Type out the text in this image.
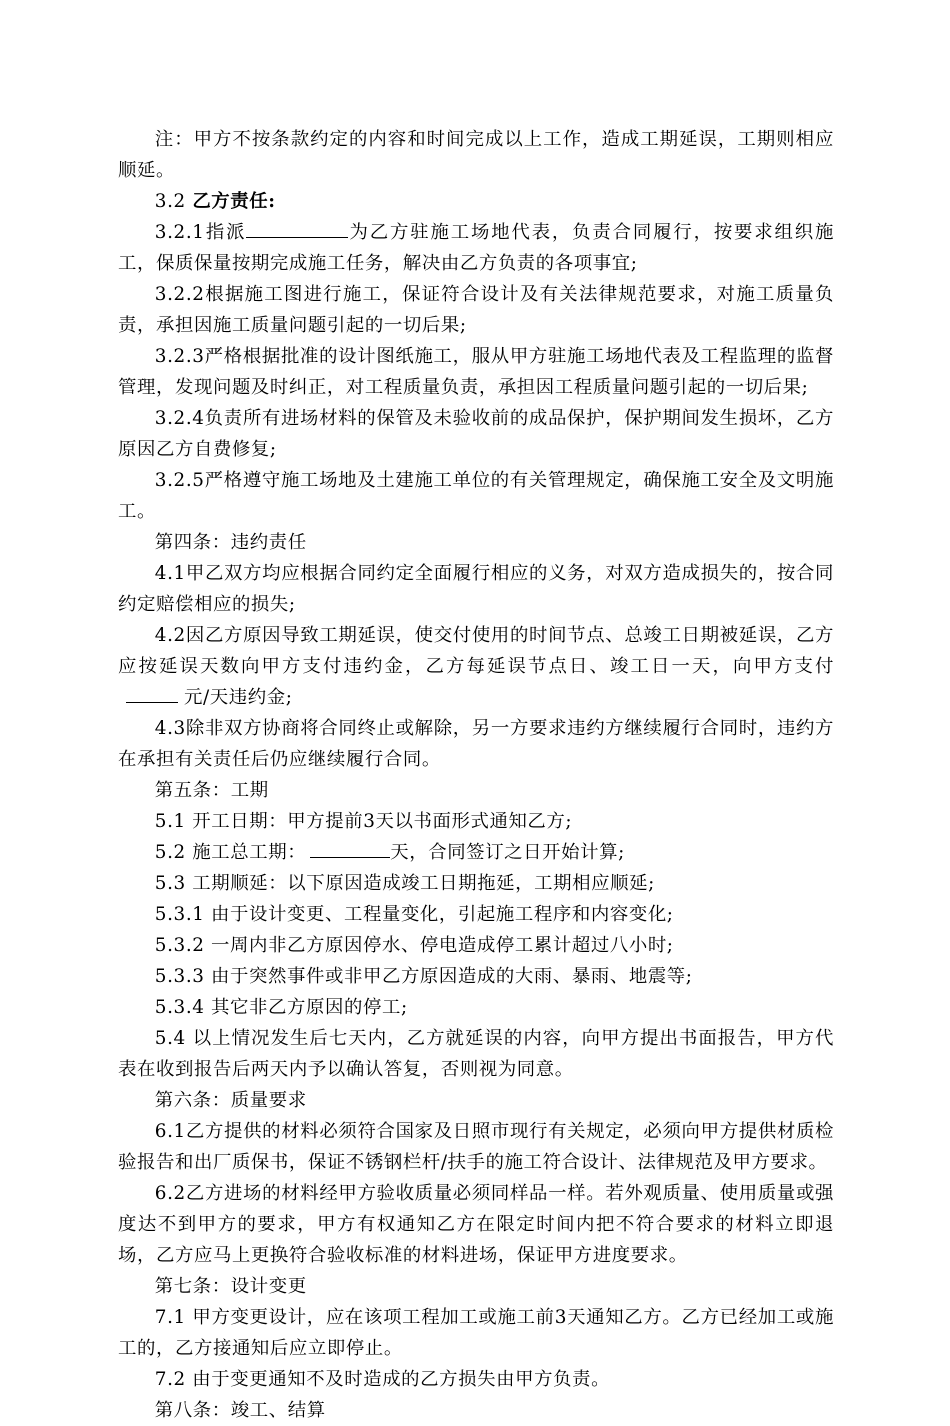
注：甲方不按条款约定的内容和时间完成以上工作，造成工期延误，工期则相应顺延。

3.2 乙方责任:

3.2.1指派	为乙方驻施工场地代表，负责合同履行，按要求组织施工，保质保量按期完成施工任务，解决由乙方负责的各项事宜;

3.2.2根据施工图进行施工，保证符合设计及有关法律规范要求，对施工质量负责，承担因施工质量问题引起的一切后果;

3.2.3严格根据批准的设计图纸施工，服从甲方驻施工场地代表及工程监理的监督管理，发现问题及时纠正，对工程质量负责，承担因工程质量问题引起的一切后果;

3.2.4负责所有进场材料的保管及未验收前的成品保护，保护期间发生损坏，乙方原因乙方自费修复;

3.2.5严格遵守施工场地及土建施工单位的有关管理规定，确保施工安全及文明施工。

第四条：违约责任

4.1甲乙双方均应根据合同约定全面履行相应的义务，对双方造成损失的，按合同约定赔偿相应的损失;

4.2因乙方原因导致工期延误，使交付使用的时间节点、总竣工日期被延误，乙方应按延误天数向甲方支付违约金，乙方每延误节点日、竣工日一天，向甲方支付元/天违约金;

4.3除非双方协商将合同终止或解除，另一方要求违约方继续履行合同时，违约方在承担有关责任后仍应继续履行合同。

第五条：工期

5.1 开工日期：甲方提前3天以书面形式通知乙方;

5.2 施工总工期：	天，合同签订之日开始计算;

5.3 工期顺延：以下原因造成竣工日期拖延，工期相应顺延;

5.3.1 由于设计变更、工程量变化，引起施工程序和内容变化;

5.3.2 一周内非乙方原因停水、停电造成停工累计超过八小时;

5.3.3 由于突然事件或非甲乙方原因造成的大雨、暴雨、地震等;

5.3.4 其它非乙方原因的停工;

5.4 以上情况发生后七天内，乙方就延误的内容，向甲方提出书面报告，甲方代表在收到报告后两天内予以确认答复，否则视为同意。

第六条：质量要求

6.1乙方提供的材料必须符合国家及日照市现行有关规定，必须向甲方提供材质检验报告和出厂质保书，保证不锈钢栏杆/扶手的施工符合设计、法律规范及甲方要求。

6.2乙方进场的材料经甲方验收质量必须同样品一样。若外观质量、使用质量或强度达不到甲方的要求，甲方有权通知乙方在限定时间内把不符合要求的材料立即退场，乙方应马上更换符合验收标准的材料进场，保证甲方进度要求。

第七条：设计变更

7.1 甲方变更设计，应在该项工程加工或施工前3天通知乙方。乙方已经加工或施工的，乙方接通知后应立即停止。

7.2 由于变更通知不及时造成的乙方损失由甲方负责。

第八条：竣工、结算
